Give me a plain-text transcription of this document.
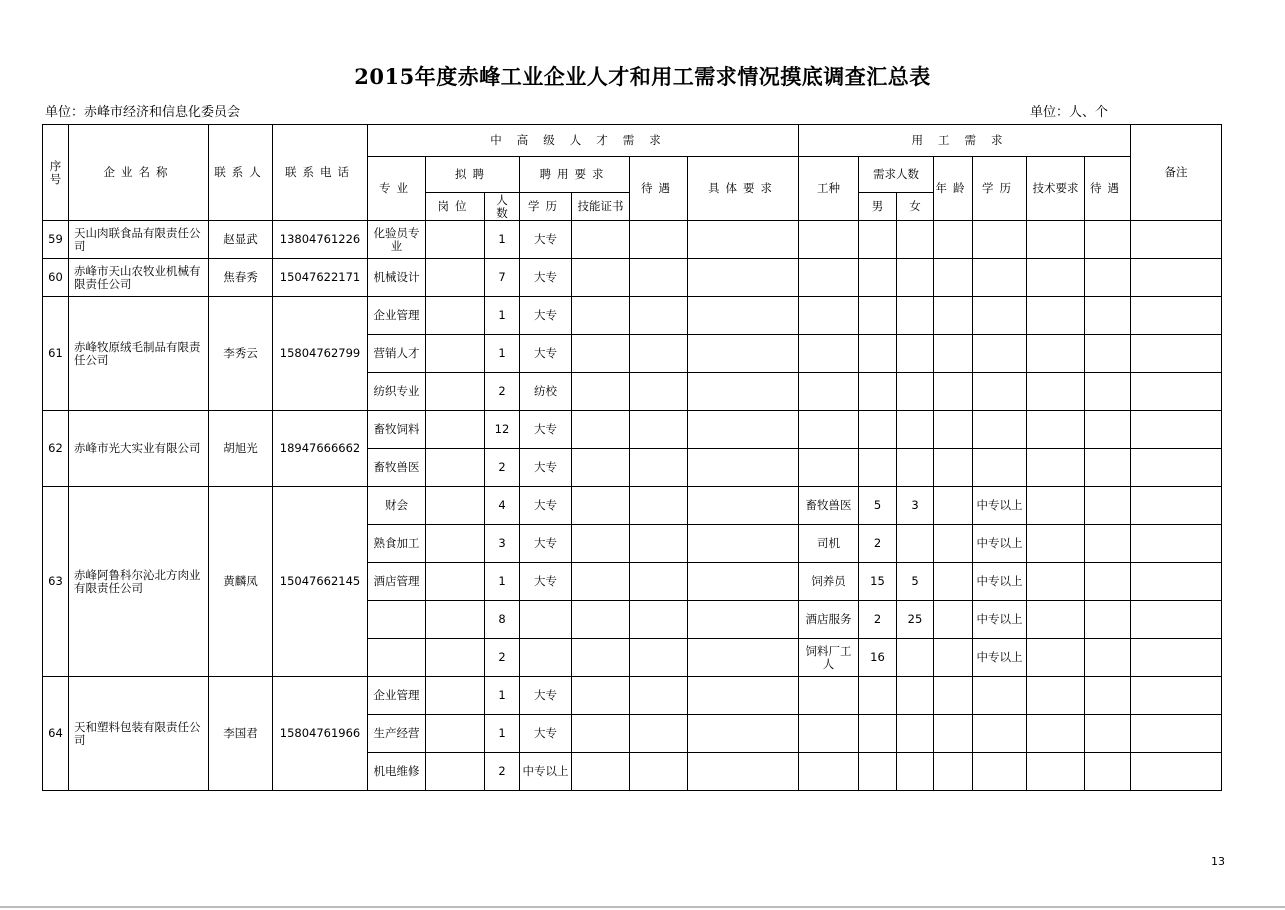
2015年度赤峰工业企业人才和用工需求情况摸底调查汇总表
单位：赤峰市经济和信息化委员会	单位：人、个
序号	企业名称	联系人	联系电话	中高级人才需求							用工需求							备注
				专业	拟聘		聘用要求		待遇	具体要求	工种	需求人数		年龄	学历	技术要求	待遇	
					岗位	人数	学历	技能证书				男	女					
59	天山肉联食品有限责任公司	赵显武	13804761226	化验员专业		1	大专											
60	赤峰市天山农牧业机械有限责任公司	焦春秀	15047622171	机械设计		7	大专											
61	赤峰牧原绒毛制品有限责任公司	李秀云	15804762799	企业管理		1	大专											
				营销人才		1	大专											
				纺织专业		2	纺校											
62	赤峰市光大实业有限公司	胡旭光	18947666662	畜牧饲料		12	大专											
				畜牧兽医		2	大专											
63	赤峰阿鲁科尔沁北方肉业有限责任公司	黄麟凤	15047662145	财会		4	大专				畜牧兽医	5	3		中专以上			
				熟食加工		3	大专				司机	2			中专以上			
				酒店管理		1	大专				饲养员	15	5		中专以上			
						8					酒店服务	2	25		中专以上			
						2					饲料厂工人	16			中专以上			
64	天和塑料包装有限责任公司	李国君	15804761966	企业管理		1	大专											
				生产经营		1	大专											
				机电维修		2	中专以上											
13
